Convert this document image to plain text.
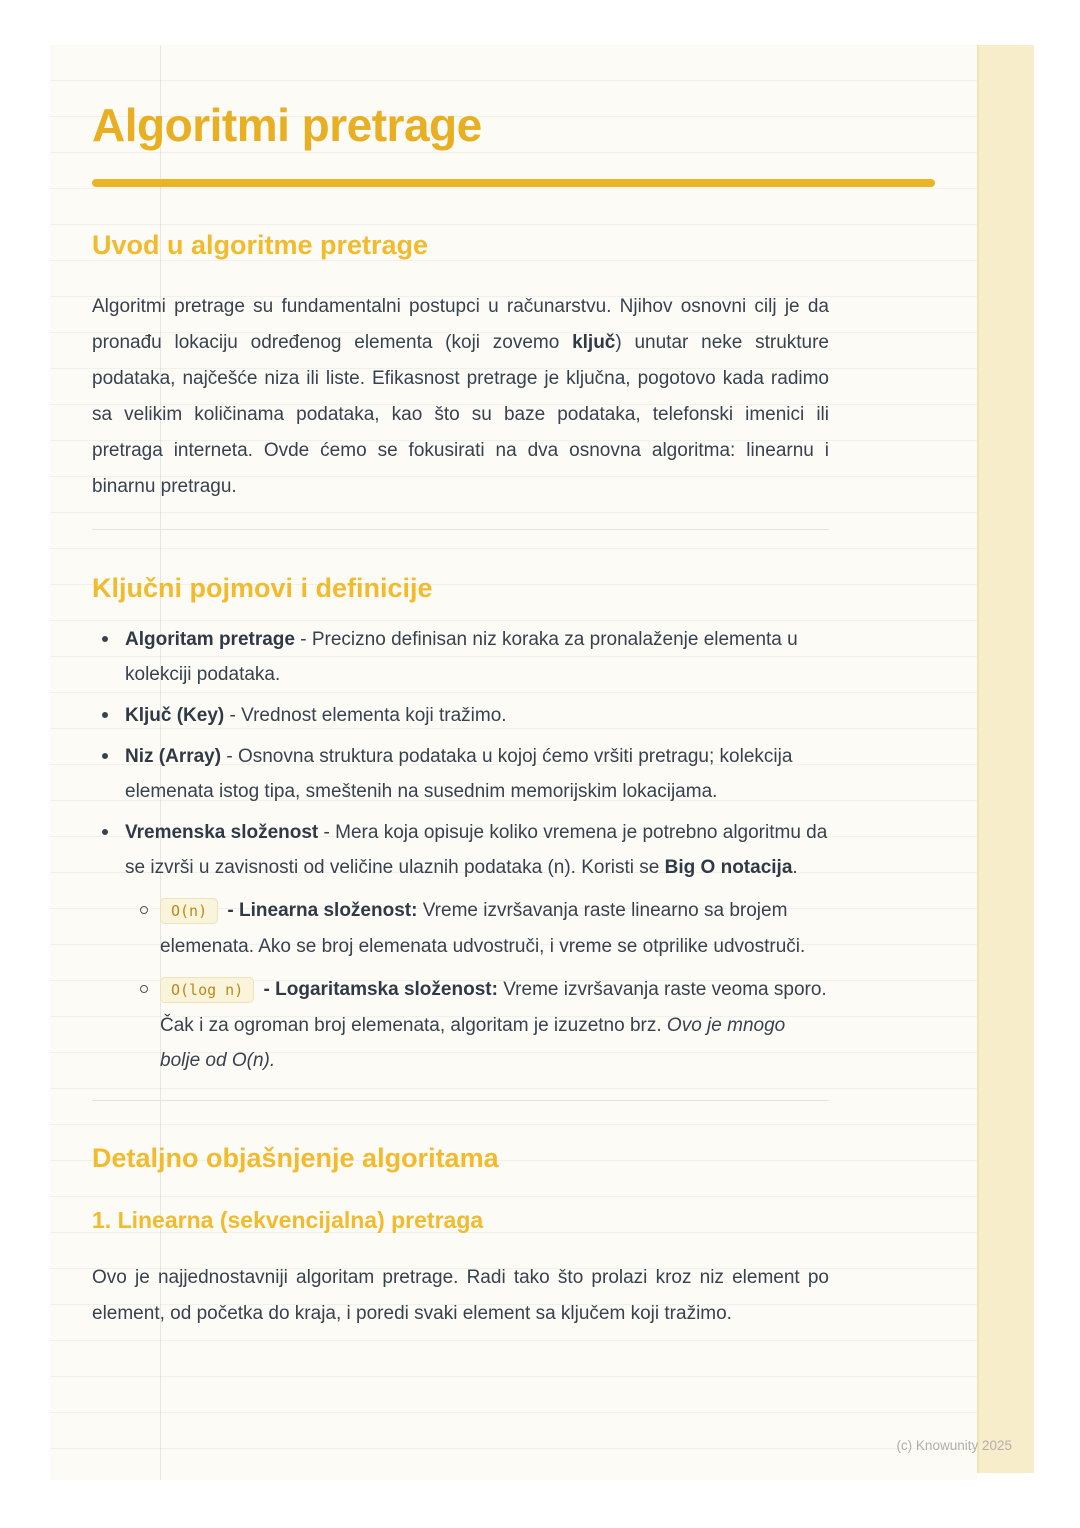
Algoritmi pretrage
Uvod u algoritme pretrage

Algoritmi pretrage su fundamentalni postupci u računarstvu. Njihov osnovni cilj je da pronađu lokaciju određenog elementa (koji zovemo ključ) unutar neke strukture podataka, najčešće niza ili liste. Efikasnost pretrage je ključna, pogotovo kada radimo sa velikim količinama podataka, kao što su baze podataka, telefonski imenici ili pretraga interneta. Ovde ćemo se fokusirati na dva osnovna algoritma: linearnu i binarnu pretragu.

Ključni pojmovi i definicije
Algoritam pretrage - Precizno definisan niz koraka za pronalaženje elementa u kolekciji podataka.
Ključ (Key) - Vrednost elementa koji tražimo.
Niz (Array) - Osnovna struktura podataka u kojoj ćemo vršiti pretragu; kolekcija elemenata istog tipa, smeštenih na susednim memorijskim lokacijama.
Vremenska složenost - Mera koja opisuje koliko vremena je potrebno algoritmu da se izvrši u zavisnosti od veličine ulaznih podataka (n). Koristi se Big O notacija.
O(n) - Linearna složenost: Vreme izvršavanja raste linearno sa brojem elemenata. Ako se broj elemenata udvostruči, i vreme se otprilike udvostruči.
O(log n) - Logaritamska složenost: Vreme izvršavanja raste veoma sporo. Čak i za ogroman broj elemenata, algoritam je izuzetno brz. Ovo je mnogo bolje od O(n).
Detaljno objašnjenje algoritama
1. Linearna (sekvencijalna) pretraga

Ovo je najjednostavniji algoritam pretrage. Radi tako što prolazi kroz niz element po element, od početka do kraja, i poredi svaki element sa ključem koji tražimo.

(c) Knowunity 2025
